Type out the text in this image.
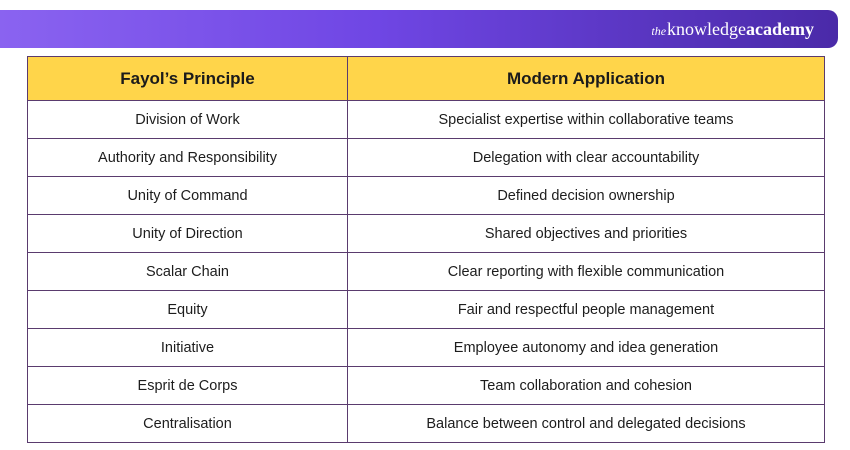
theknowledgeacademy
Fayol’s Principle	Modern Application
Division of Work	Specialist expertise within collaborative teams
Authority and Responsibility	Delegation with clear accountability
Unity of Command	Defined decision ownership
Unity of Direction	Shared objectives and priorities
Scalar Chain	Clear reporting with flexible communication
Equity	Fair and respectful people management
Initiative	Employee autonomy and idea generation
Esprit de Corps	Team collaboration and cohesion
Centralisation	Balance between control and delegated decisions
